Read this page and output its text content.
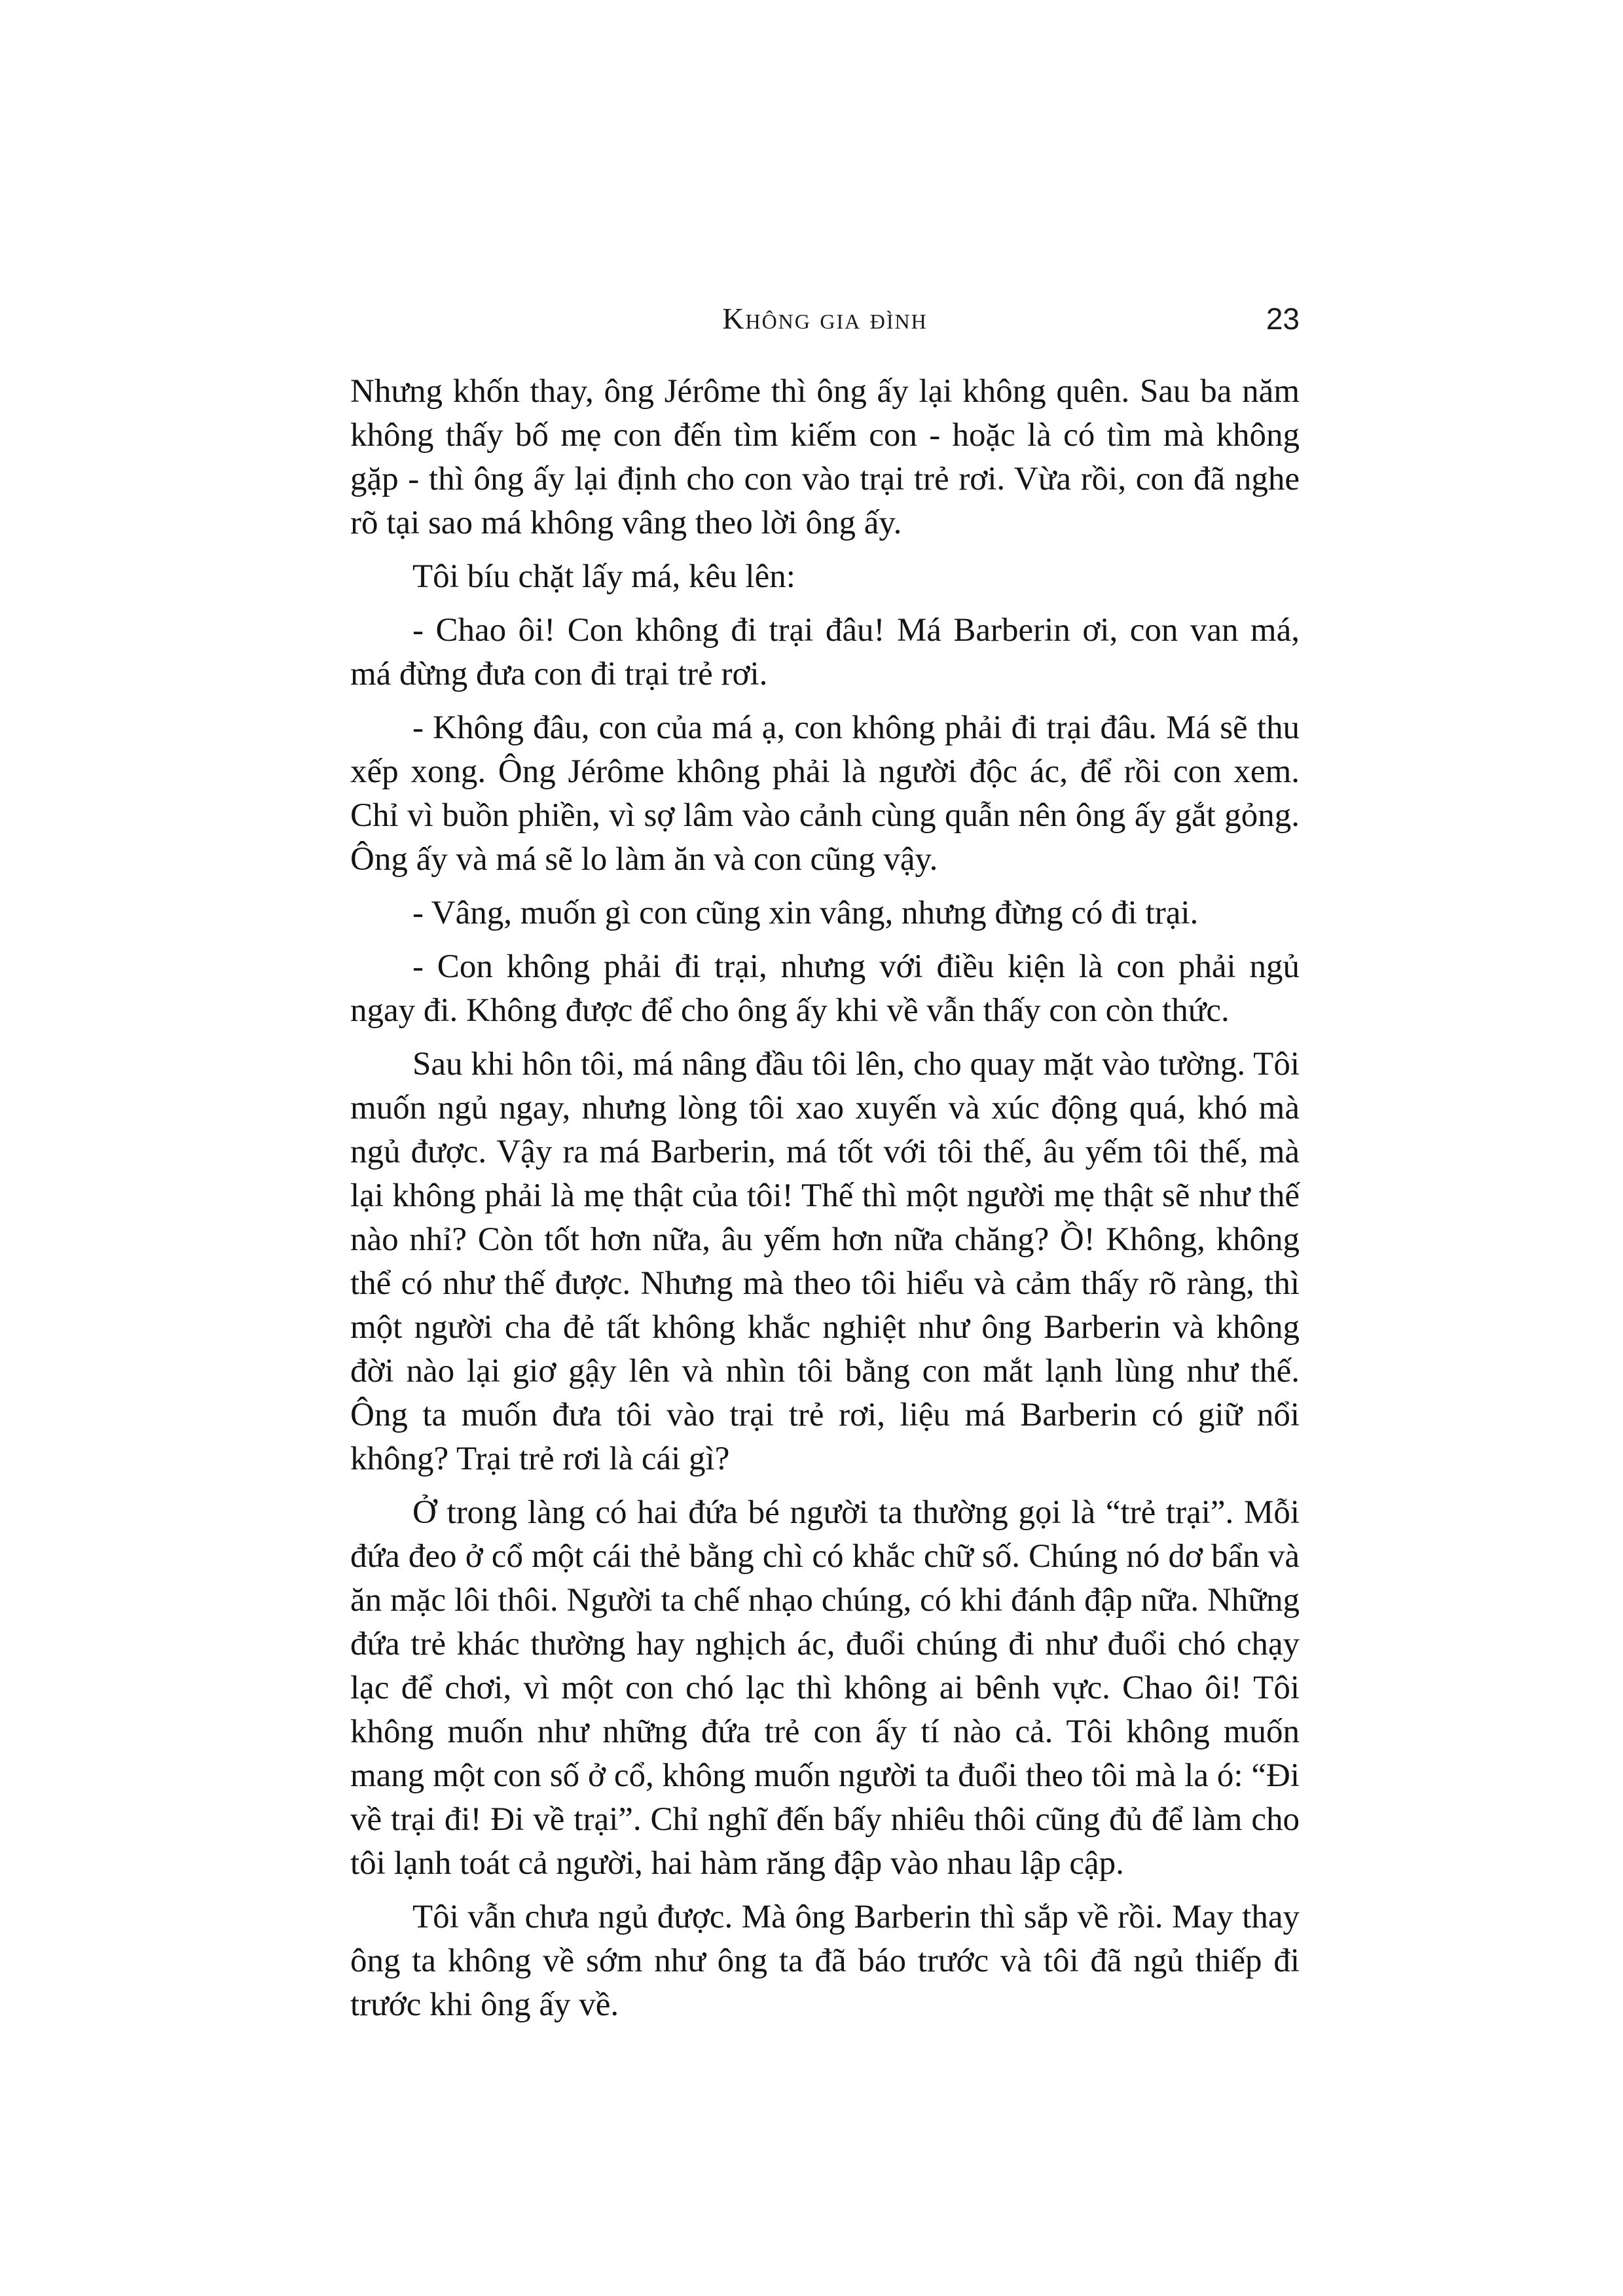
Không gia đình	23

Nhưng khốn thay, ông Jérôme thì ông ấy lại không quên. Sau ba năm không thấy bố mẹ con đến tìm kiếm con - hoặc là có tìm mà không gặp - thì ông ấy lại định cho con vào trại trẻ rơi. Vừa rồi, con đã nghe rõ tại sao má không vâng theo lời ông ấy.

Tôi bíu chặt lấy má, kêu lên:

- Chao ôi! Con không đi trại đâu! Má Barberin ơi, con van má, má đừng đưa con đi trại trẻ rơi.

- Không đâu, con của má ạ, con không phải đi trại đâu. Má sẽ thu xếp xong. Ông Jérôme không phải là người độc ác, để rồi con xem. Chỉ vì buồn phiền, vì sợ lâm vào cảnh cùng quẫn nên ông ấy gắt gỏng. Ông ấy và má sẽ lo làm ăn và con cũng vậy.

- Vâng, muốn gì con cũng xin vâng, nhưng đừng có đi trại.

- Con không phải đi trại, nhưng với điều kiện là con phải ngủ ngay đi. Không được để cho ông ấy khi về vẫn thấy con còn thức.

Sau khi hôn tôi, má nâng đầu tôi lên, cho quay mặt vào tường. Tôi muốn ngủ ngay, nhưng lòng tôi xao xuyến và xúc động quá, khó mà ngủ được. Vậy ra má Barberin, má tốt với tôi thế, âu yếm tôi thế, mà lại không phải là mẹ thật của tôi! Thế thì một người mẹ thật sẽ như thế nào nhỉ? Còn tốt hơn nữa, âu yếm hơn nữa chăng? Ồ! Không, không thể có như thế được. Nhưng mà theo tôi hiểu và cảm thấy rõ ràng, thì một người cha đẻ tất không khắc nghiệt như ông Barberin và không đời nào lại giơ gậy lên và nhìn tôi bằng con mắt lạnh lùng như thế. Ông ta muốn đưa tôi vào trại trẻ rơi, liệu má Barberin có giữ nổi không? Trại trẻ rơi là cái gì?

Ở trong làng có hai đứa bé người ta thường gọi là “trẻ trại”. Mỗi đứa đeo ở cổ một cái thẻ bằng chì có khắc chữ số. Chúng nó dơ bẩn và ăn mặc lôi thôi. Người ta chế nhạo chúng, có khi đánh đập nữa. Những đứa trẻ khác thường hay nghịch ác, đuổi chúng đi như đuổi chó chạy lạc để chơi, vì một con chó lạc thì không ai bênh vực. Chao ôi! Tôi không muốn như những đứa trẻ con ấy tí nào cả. Tôi không muốn mang một con số ở cổ, không muốn người ta đuổi theo tôi mà la ó: “Đi về trại đi! Đi về trại”. Chỉ nghĩ đến bấy nhiêu thôi cũng đủ để làm cho tôi lạnh toát cả người, hai hàm răng đập vào nhau lập cập.

Tôi vẫn chưa ngủ được. Mà ông Barberin thì sắp về rồi. May thay ông ta không về sớm như ông ta đã báo trước và tôi đã ngủ thiếp đi trước khi ông ấy về.
